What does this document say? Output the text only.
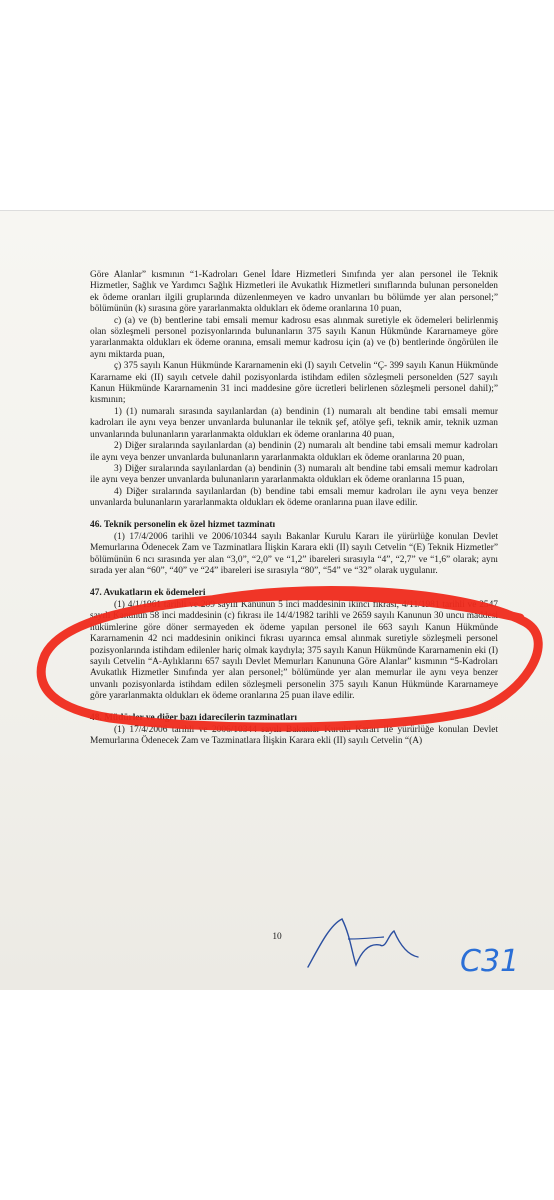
Göre Alanlar” kısmının “1-Kadroları Genel İdare Hizmetleri Sınıfında yer alan personel ile Teknik Hizmetler, Sağlık ve Yardımcı Sağlık Hizmetleri ile Avukatlık Hizmetleri sınıflarında bulunan personelden ek ödeme oranları ilgili gruplarında düzenlenmeyen ve kadro unvanları bu bölümde yer alan personel;” bölümünün (k) sırasına göre yararlanmakta oldukları ek ödeme oranlarına 10 puan,

c) (a) ve (b) bentlerine tabi emsali memur kadrosu esas alınmak suretiyle ek ödemeleri belirlenmiş olan sözleşmeli personel pozisyonlarında bulunanların 375 sayılı Kanun Hükmünde Kararnameye göre yararlanmakta oldukları ek ödeme oranına, emsali memur kadrosu için (a) ve (b) bentlerinde öngörülen ile aynı miktarda puan,

ç) 375 sayılı Kanun Hükmünde Kararnamenin eki (I) sayılı Cetvelin “Ç- 399 sayılı Kanun Hükmünde Kararname eki (II) sayılı cetvele dahil pozisyonlarda istihdam edilen sözleşmeli personelden (527 sayılı Kanun Hükmünde Kararnamenin 31 inci maddesine göre ücretleri belirlenen sözleşmeli personel dahil);” kısmının;

1) (1) numaralı sırasında sayılanlardan (a) bendinin (1) numaralı alt bendine tabi emsali memur kadroları ile aynı veya benzer unvanlarda bulunanlar ile teknik şef, atölye şefi, teknik amir, teknik uzman unvanlarında bulunanların yararlanmakta oldukları ek ödeme oranlarına 40 puan,

2) Diğer sıralarında sayılanlardan (a) bendinin (2) numaralı alt bendine tabi emsali memur kadroları ile aynı veya benzer unvanlarda bulunanların yararlanmakta oldukları ek ödeme oranlarına 20 puan,

3) Diğer sıralarında sayılanlardan (a) bendinin (3) numaralı alt bendine tabi emsali memur kadroları ile aynı veya benzer unvanlarda bulunanların yararlanmakta oldukları ek ödeme oranlarına 15 puan,

4) Diğer sıralarında sayılanlardan (b) bendine tabi emsali memur kadroları ile aynı veya benzer unvanlarda bulunanların yararlanmakta oldukları ek ödeme oranlarına puan ilave edilir.

46. Teknik personelin ek özel hizmet tazminatı

(1) 17/4/2006 tarihli ve 2006/10344 sayılı Bakanlar Kurulu Kararı ile yürürlüğe konulan Devlet Memurlarına Ödenecek Zam ve Tazminatlara İlişkin Karara ekli (II) sayılı Cetvelin “(E) Teknik Hizmetler” bölümünün 6 ncı sırasında yer alan “3,0”, “2,0” ve “1,2” ibareleri sırasıyla “4”, “2,7” ve “1,6” olarak; aynı sırada yer alan “60”, “40” ve “24” ibareleri ise sırasıyla “80”, “54” ve “32” olarak uygulanır.

47. Avukatların ek ödemeleri

(1) 4/1/1961 tarihli ve 209 sayılı Kanunun 5 inci maddesinin ikinci fıkrası, 4/11/1981 tarihli ve 2547 sayılı Kanunun 58 inci maddesinin (c) fıkrası ile 14/4/1982 tarihli ve 2659 sayılı Kanunun 30 uncu maddesi hükümlerine göre döner sermayeden ek ödeme yapılan personel ile 663 sayılı Kanun Hükmünde Kararnamenin 42 nci maddesinin onikinci fıkrası uyarınca emsal alınmak suretiyle sözleşmeli personel pozisyonlarında istihdam edilenler hariç olmak kaydıyla; 375 sayılı Kanun Hükmünde Kararnamenin eki (I) sayılı Cetvelin “A-Aylıklarını 657 sayılı Devlet Memurları Kanununa Göre Alanlar” kısmının “5-Kadroları Avukatlık Hizmetler Sınıfında yer alan personel;” bölümünde yer alan memurlar ile aynı veya benzer unvanlı pozisyonlarda istihdam edilen sözleşmeli personelin 375 sayılı Kanun Hükmünde Kararnameye göre yararlanmakta oldukları ek ödeme oranlarına 25 puan ilave edilir.

48. Müdürler ve diğer bazı idarecilerin tazminatları

(1) 17/4/2006 tarihli ve 2006/10344 sayılı Bakanlar Kurulu Kararı ile yürürlüğe konulan Devlet Memurlarına Ödenecek Zam ve Tazminatlara İlişkin Karara ekli (II) sayılı Cetvelin “(A)

10
C31
